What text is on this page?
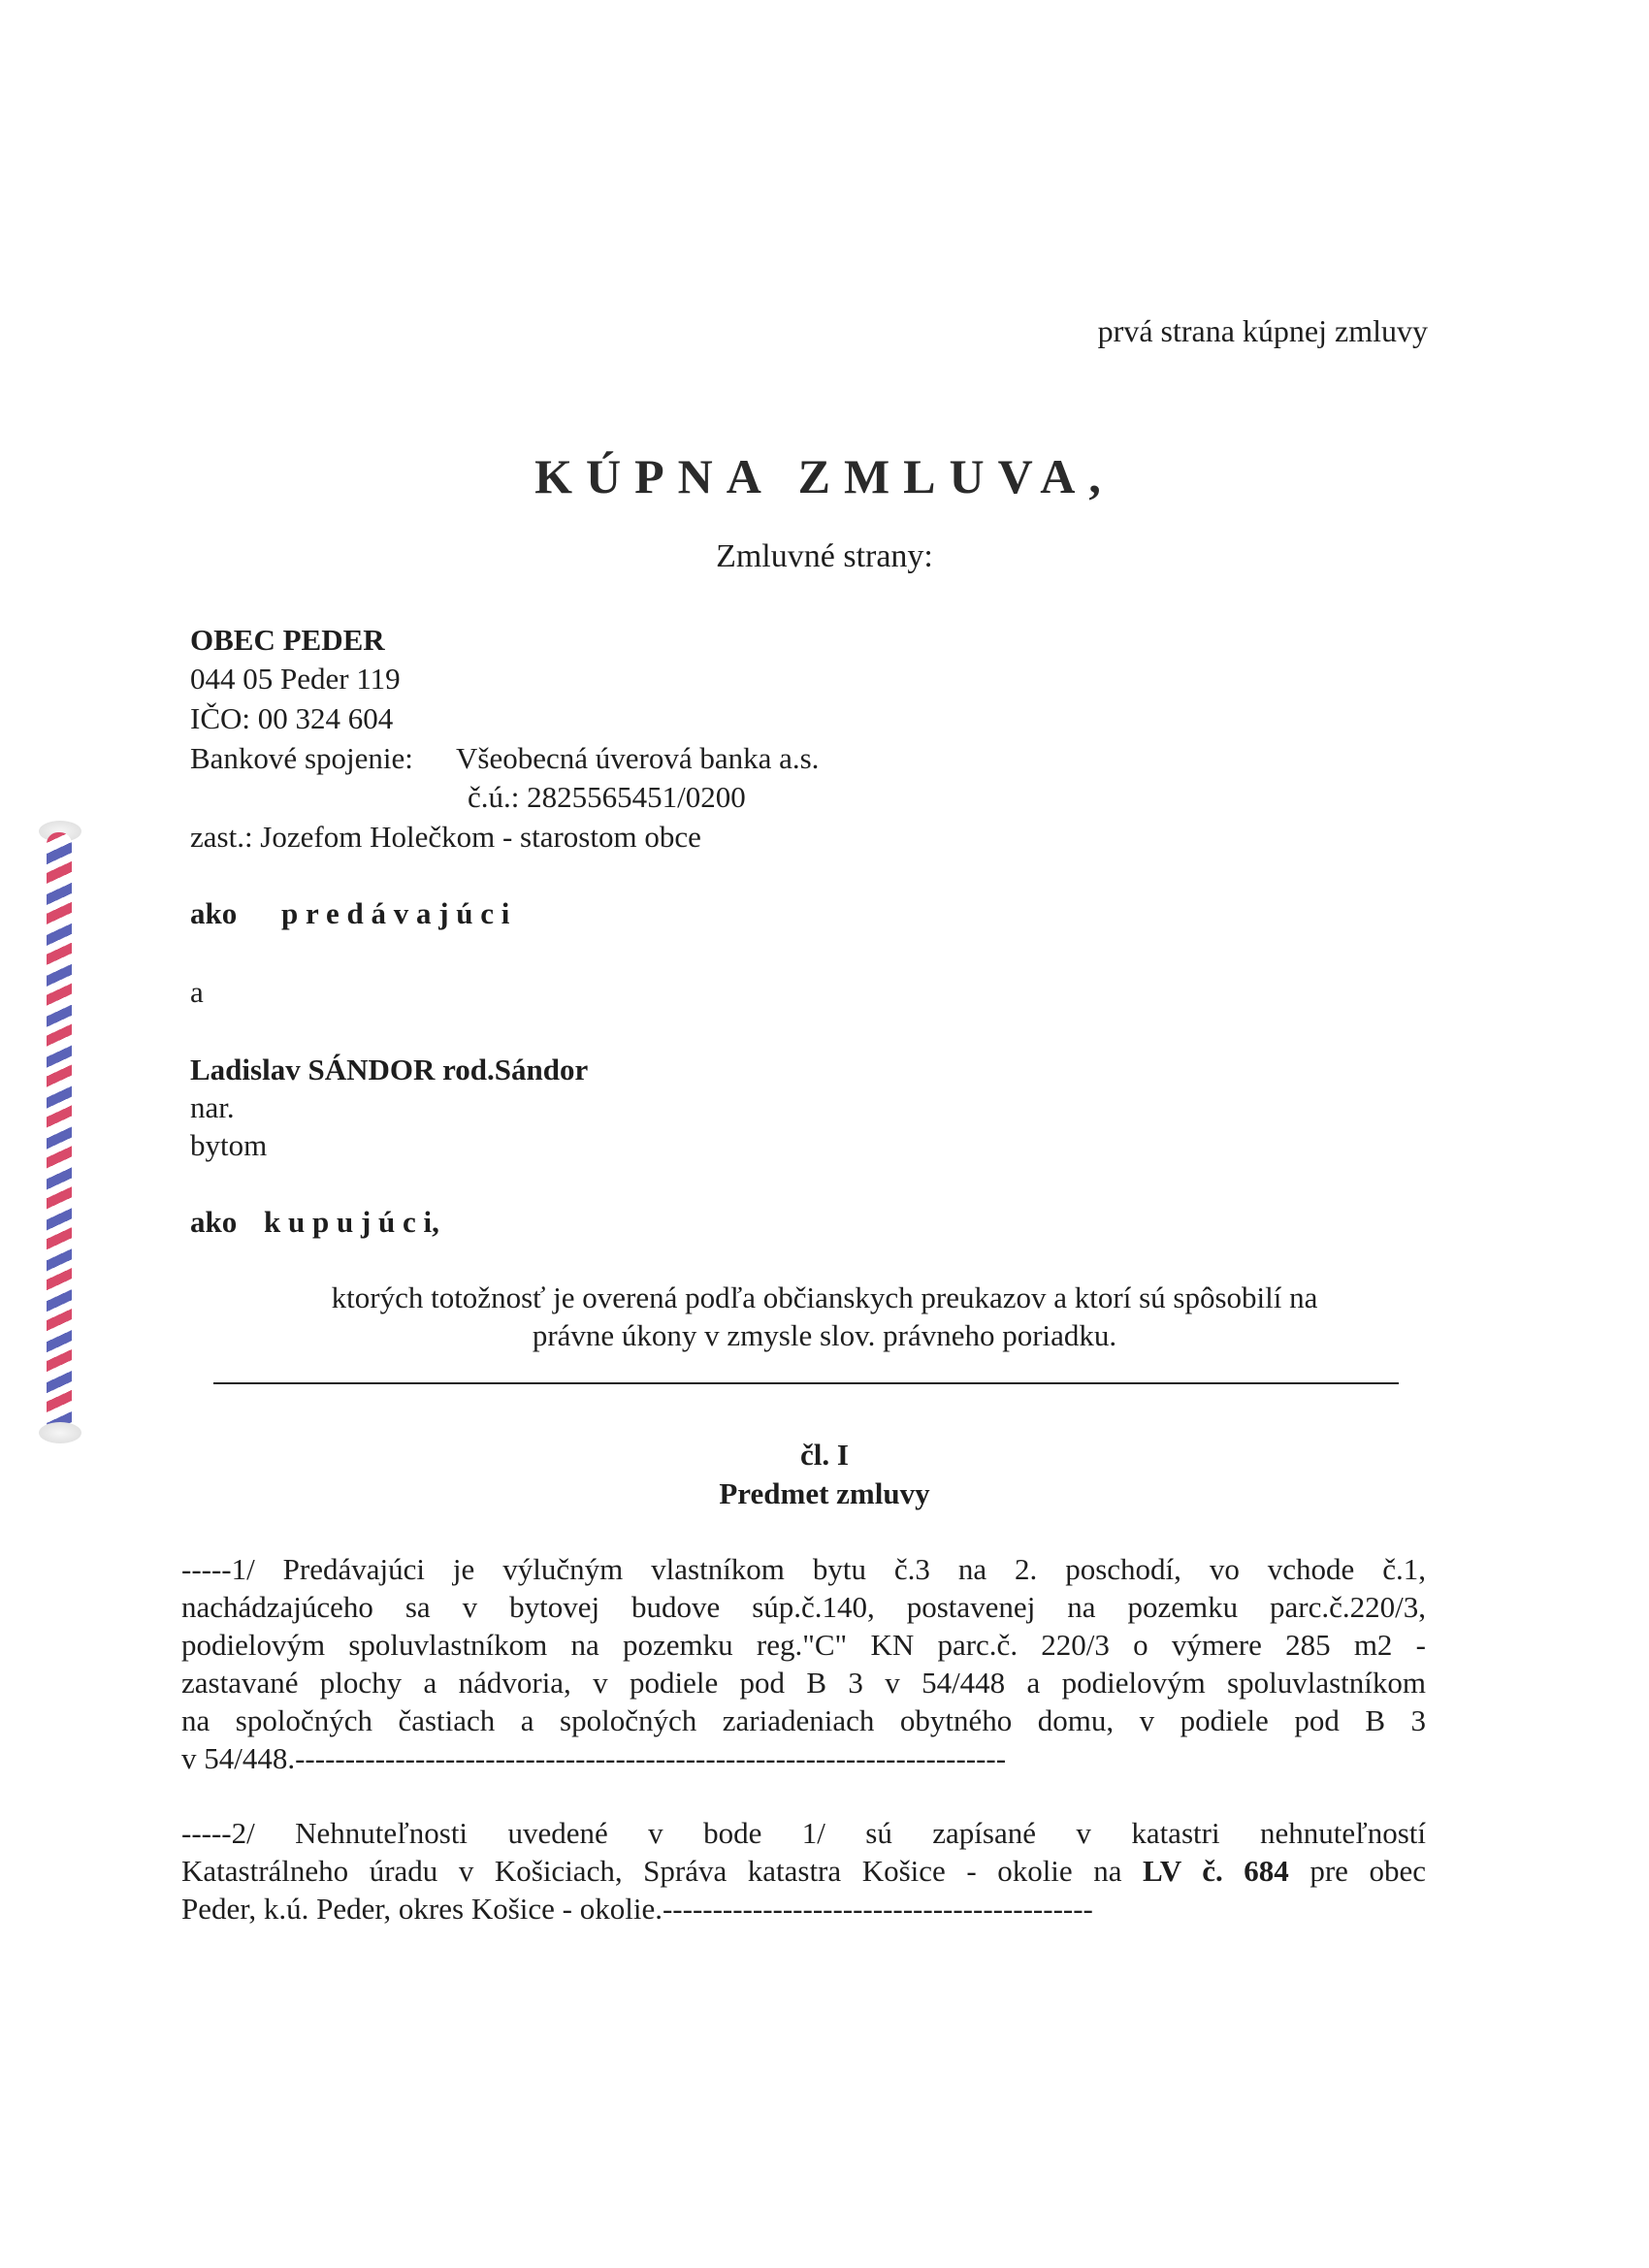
prvá strana kúpnej zmluvy
KÚPNA ZMLUVA,
Zmluvné strany:
OBEC PEDER
044 05 Peder 119
IČO: 00 324 604
Bankové spojenie: Všeobecná úverová banka a.s.
č.ú.: 2825565451/0200
zast.: Jozefom Holečkom - starostom obce
ako p r e d á v a j ú c i
a
Ladislav SÁNDOR rod.Sándor
nar.
bytom
ako k u p u j ú c i,
ktorých totožnosť je overená podľa občianskych preukazov a ktorí sú spôsobilí na
právne úkony v zmysle slov. právneho poriadku.
čl. I
Predmet zmluvy
-----1/ Predávajúci je výlučným vlastníkom bytu č.3 na 2. poschodí, vo vchode č.1,
nachádzajúceho sa v bytovej budove súp.č.140, postavenej na pozemku parc.č.220/3,
podielovým spoluvlastníkom na pozemku reg."C" KN parc.č. 220/3 o výmere 285 m2 -
zastavané plochy a nádvoria, v podiele pod B 3 v 54/448 a podielovým spoluvlastníkom
na spoločných častiach a spoločných zariadeniach obytného domu, v podiele pod B 3
v 54/448.-----------------------------------------------------------------------
-----2/ Nehnuteľnosti uvedené v bode 1/ sú zapísané v katastri nehnuteľností
Katastrálneho úradu v Košiciach, Správa katastra Košice - okolie na LV č. 684 pre obec
Peder, k.ú. Peder, okres Košice - okolie.-------------------------------------------
